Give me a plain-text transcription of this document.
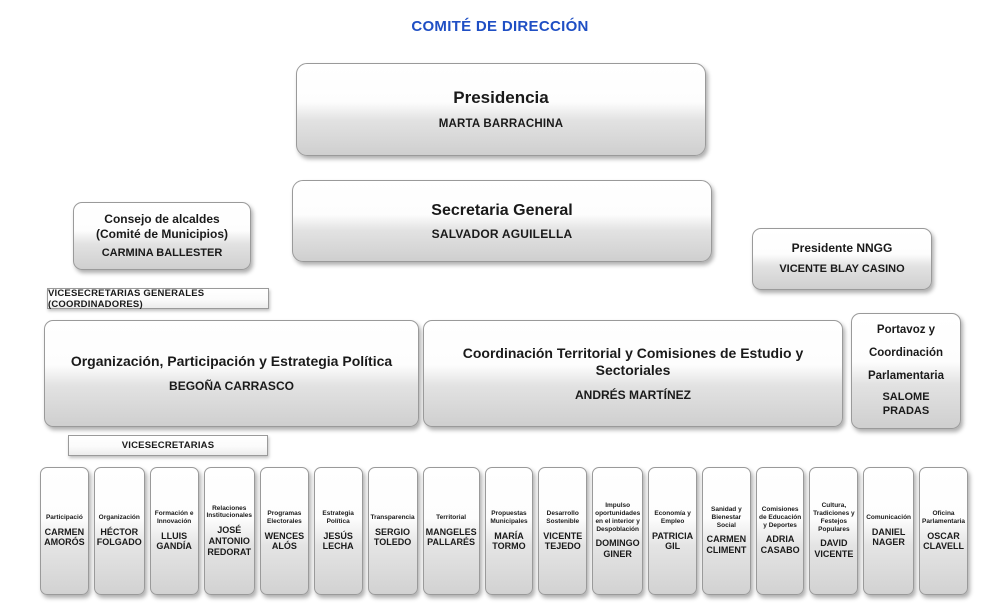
COMITÉ DE DIRECCIÓN
Presidencia
MARTA BARRACHINA
Secretaria General
SALVADOR AGUILELLA
Consejo de alcaldes
(Comité de Municipios)
CARMINA BALLESTER	Presidente NNGG
VICENTE BLAY CASINO
VICESECRETARIAS GENERALES (COORDINADORES)
Organización, Participación y Estrategia Política
BEGOÑA CARRASCO
Coordinación Territorial y Comisiones de Estudio y Sectoriales
ANDRÉS MARTÍNEZ
Portavoz y
Coordinación
Parlamentaria
SALOME PRADAS
VICESECRETARIAS
Participació
CARMEN AMORÓS
Organización
HÉCTOR FOLGADO
Formación e Innovación
LLUIS GANDÍA
Relaciones Institucionales
JOSÉ ANTONIO REDORAT
Programas Electorales
WENCES ALÓS
Estrategia Política
JESÚS LECHA
Transparencia
SERGIO TOLEDO
Territorial
MANGELES PALLARÉS
Propuestas Municipales
MARÍA TORMO
Desarrollo Sostenible
VICENTE TEJEDO
Impulso oportunidades en el interior y Despoblación
DOMINGO GINER
Economía y Empleo
PATRICIA GIL
Sanidad y Bienestar Social
CARMEN CLIMENT
Comisiones de Educación y Deportes
ADRIA CASABO
Cultura, Tradiciones y Festejos Populares
DAVID VICENTE
Comunicación
DANIEL NAGER
Oficina Parlamentaria
OSCAR CLAVELL
